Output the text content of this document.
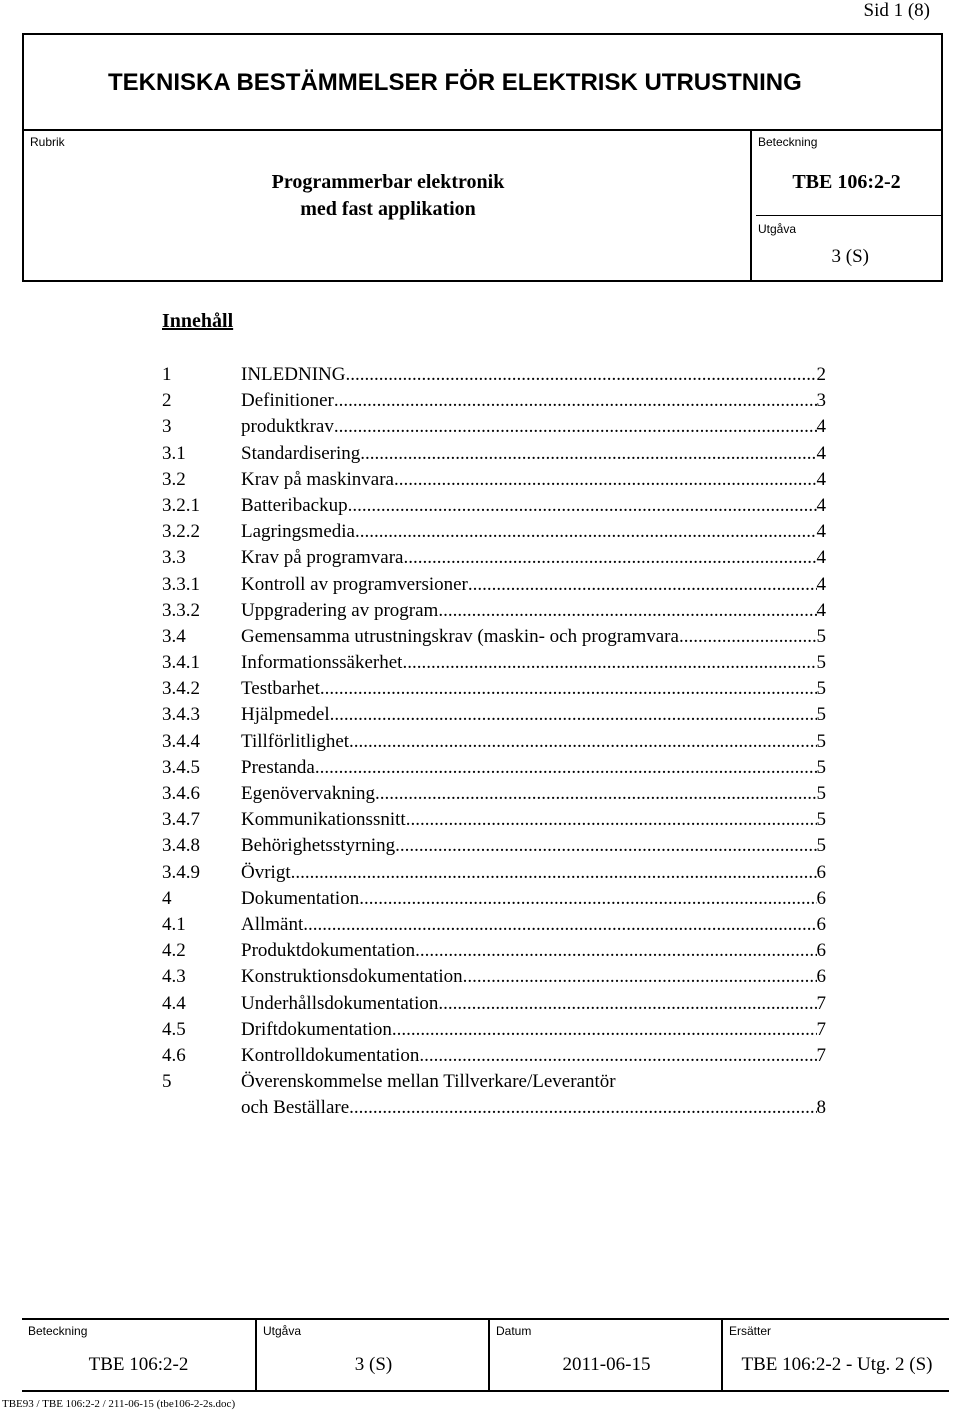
Sid 1 (8)
TEKNISKA BESTÄMMELSER FÖR ELEKTRISK UTRUSTNING
Rubrik
Programmerbar elektronik
med fast applikation
Beteckning
TBE 106:2-2
Utgåva
3 (S)
Innehåll
1	INLEDNING .....	2
2	Definitioner .....	3
3	produktkrav .....	4
3.1	Standardisering .....	4
3.2	Krav på maskinvara .....	4
3.2.1	Batteribackup .....	4
3.2.2	Lagringsmedia .....	4
3.3	Krav på programvara .....	4
3.3.1	Kontroll av programversioner .....	4
3.3.2	Uppgradering av program .....	4
3.4	Gemensamma utrustningskrav (maskin- och programvara .....	5
3.4.1	Informationssäkerhet .....	5
3.4.2	Testbarhet .....	5
3.4.3	Hjälpmedel .....	5
3.4.4	Tillförlitlighet .....	5
3.4.5	Prestanda .....	5
3.4.6	Egenövervakning .....	5
3.4.7	Kommunikationssnitt .....	5
3.4.8	Behörighetsstyrning .....	5
3.4.9	Övrigt .....	6
4	Dokumentation .....	6
4.1	Allmänt .....	6
4.2	Produktdokumentation .....	6
4.3	Konstruktionsdokumentation .....	6
4.4	Underhållsdokumentation .....	7
4.5	Driftdokumentation .....	7
4.6	Kontrolldokumentation .....	7
5	Överenskommelse mellan Tillverkare/Leverantör
och Beställare .....	8
Beteckning
TBE 106:2-2
Utgåva
3 (S)
Datum
2011-06-15
Ersätter
TBE 106:2-2 - Utg. 2 (S)
TBE93 / TBE 106:2-2 / 211-06-15 (tbe106-2-2s.doc)
